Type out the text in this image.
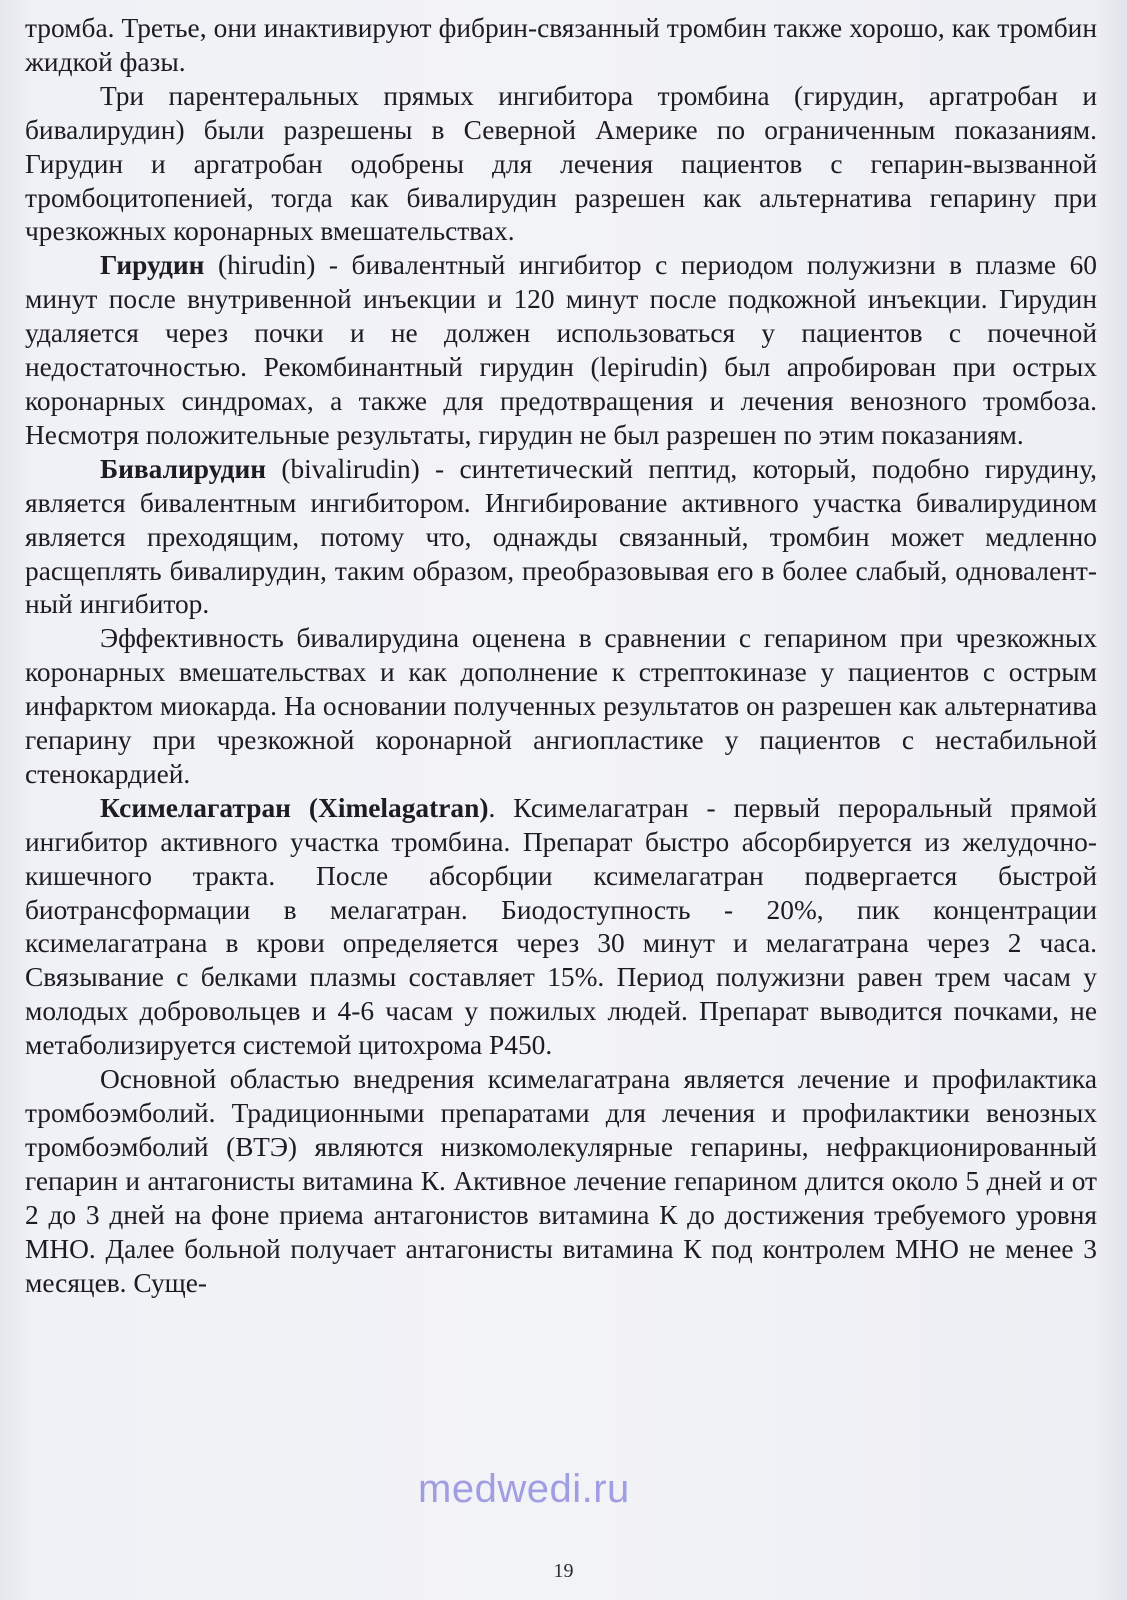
тромба. Третье, они инактивируют фибрин-связанный тромбин также хорошо, как тромбин жидкой фазы.

Три парентеральных прямых ингибитора тромбина (гирудин, аргатробан и бивалирудин) были разрешены в Северной Америке по ограниченным показаниям. Гирудин и аргатробан одобрены для лечения пациентов с гепарин-вызванной тромбоцитопенией, тогда как бивалирудин разрешен как альтернатива гепарину при чрезкожных коронарных вмешательствах.

Гирудин (hirudin) - бивалентный ингибитор с периодом полужизни в плазме 60 минут после внутривенной инъекции и 120 минут после подкожной инъекции. Гирудин удаляется через почки и не должен использоваться у пациентов с почечной недостаточностью. Рекомбинантный гирудин (lepirudin) был апробирован при острых коронарных синдромах, а также для предотвращения и лечения венозного тромбоза. Несмотря положительные результаты, гирудин не был разрешен по этим показаниям.

Бивалирудин (bivalirudin) - синтетический пептид, который, подобно гирудину, является бивалентным ингибитором. Ингибирование активного участка бивалирудином является преходящим, потому что, однажды связанный, тромбин может медленно расщеплять бивалирудин, таким образом, преобразовывая его в более слабый, одновалентный ингибитор.

Эффективность бивалирудина оценена в сравнении с гепарином при чрезкожных коронарных вмешательствах и как дополнение к стрептокиназе у пациентов с острым инфарктом миокарда. На основании полученных результатов он разрешен как альтернатива гепарину при чрезкожной коронарной ангиопластике у пациентов с нестабильной стенокардией.

Ксимелагатран (Ximelagatran). Ксимелагатран - первый пероральный прямой ингибитор активного участка тромбина. Препарат быстро абсорбируется из желудочно-кишечного тракта. После абсорбции ксимелагатран подвергается быстрой биотрансформации в мелагатран. Биодоступность - 20%, пик концентрации ксимелагатрана в крови определяется через 30 минут и мелагатрана через 2 часа. Связывание с белками плазмы составляет 15%. Период полужизни равен трем часам у молодых добровольцев и 4-6 часам у пожилых людей. Препарат выводится почками, не метаболизируется системой цитохрома Р450.

Основной областью внедрения ксимелагатрана является лечение и профилактика тромбоэмболий. Традиционными препаратами для лечения и профилактики венозных тромбоэмболий (ВТЭ) являются низкомолекулярные гепарины, нефракционированный гепарин и антагонисты витамина К. Активное лечение гепарином длится около 5 дней и от 2 до 3 дней на фоне приема антагонистов витамина К до достижения требуемого уровня МНО. Далее больной получает антагонисты витамина К под контролем МНО не менее 3 месяцев. Суще-

medwedi.ru
19
